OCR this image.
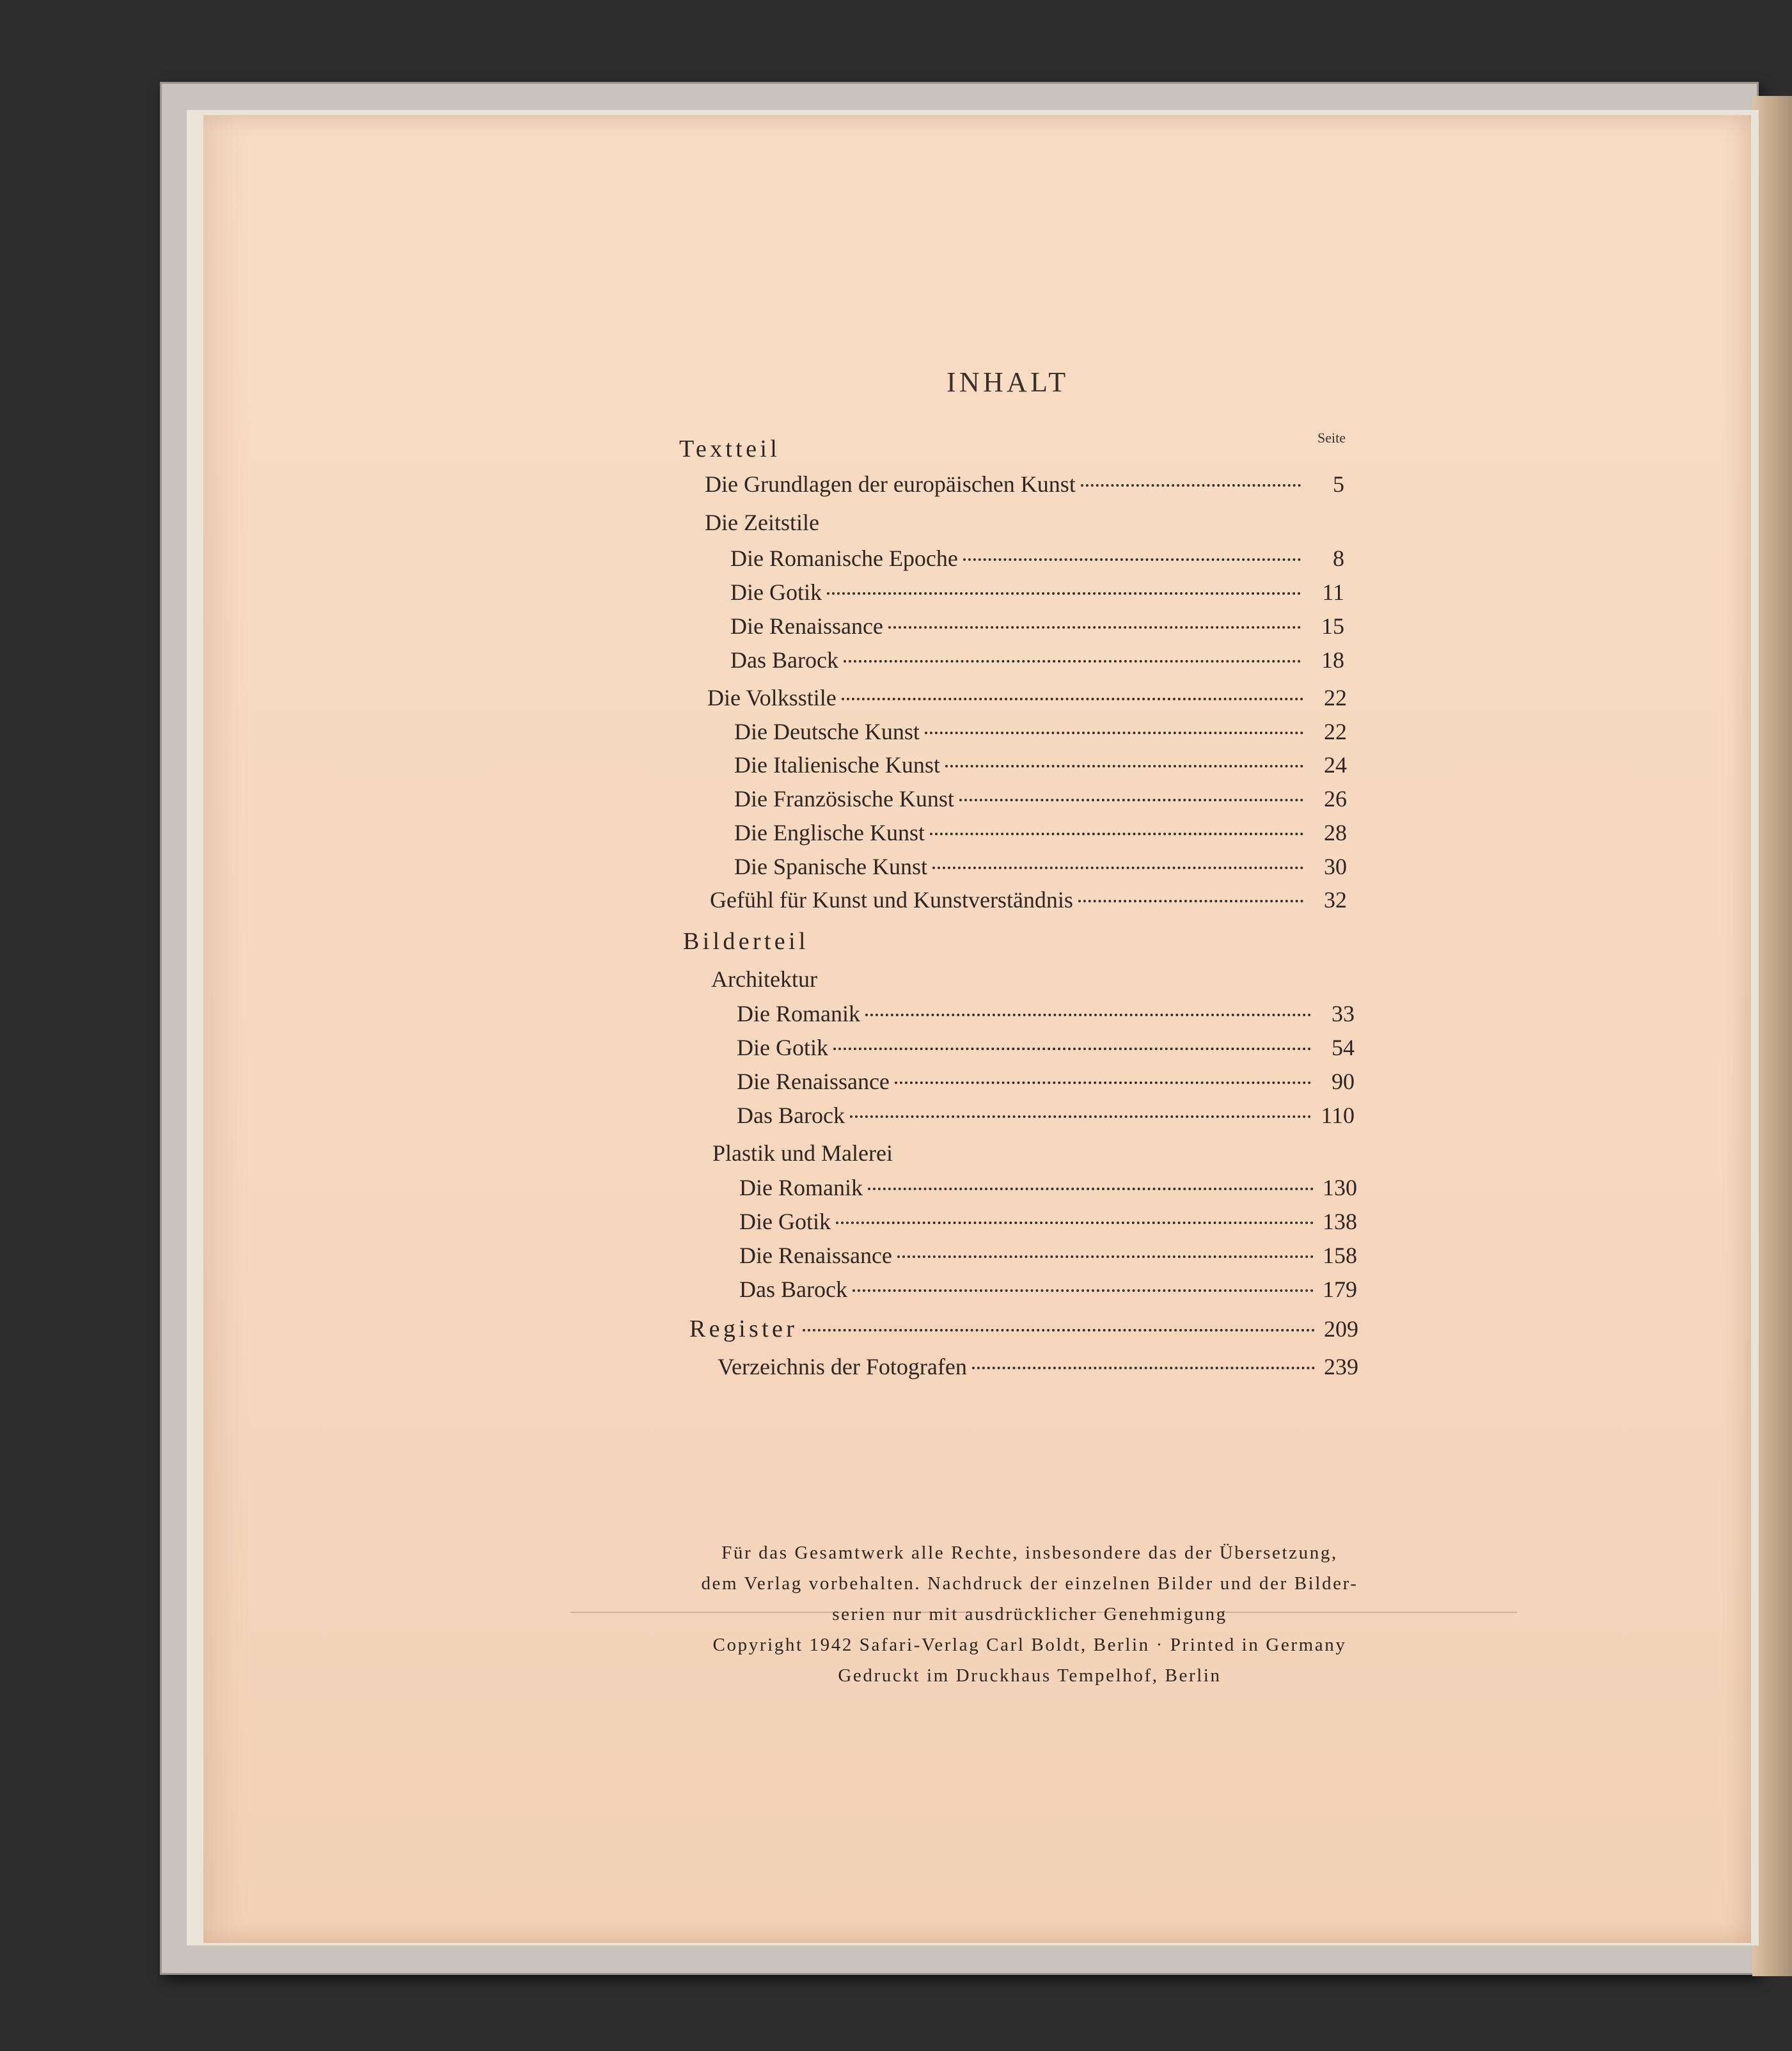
INHALT
Seite
Textteil
Die Grundlagen der europäischen Kunst	5
Die Zeitstile
Die Romanische Epoche	8
Die Gotik	11
Die Renaissance	15
Das Barock	18
Die Volksstile	22
Die Deutsche Kunst	22
Die Italienische Kunst	24
Die Französische Kunst	26
Die Englische Kunst	28
Die Spanische Kunst	30
Gefühl für Kunst und Kunstverständnis	32
Bilderteil
Architektur
Die Romanik	33
Die Gotik	54
Die Renaissance	90
Das Barock	110
Plastik und Malerei
Die Romanik	130
Die Gotik	138
Die Renaissance	158
Das Barock	179
Register	209
Verzeichnis der Fotografen	239
Für das Gesamtwerk alle Rechte, insbesondere das der Übersetzung,
dem Verlag vorbehalten. Nachdruck der einzelnen Bilder und der Bilder-
serien nur mit ausdrücklicher Genehmigung
Copyright 1942 Safari-Verlag Carl Boldt, Berlin · Printed in Germany
Gedruckt im Druckhaus Tempelhof, Berlin
